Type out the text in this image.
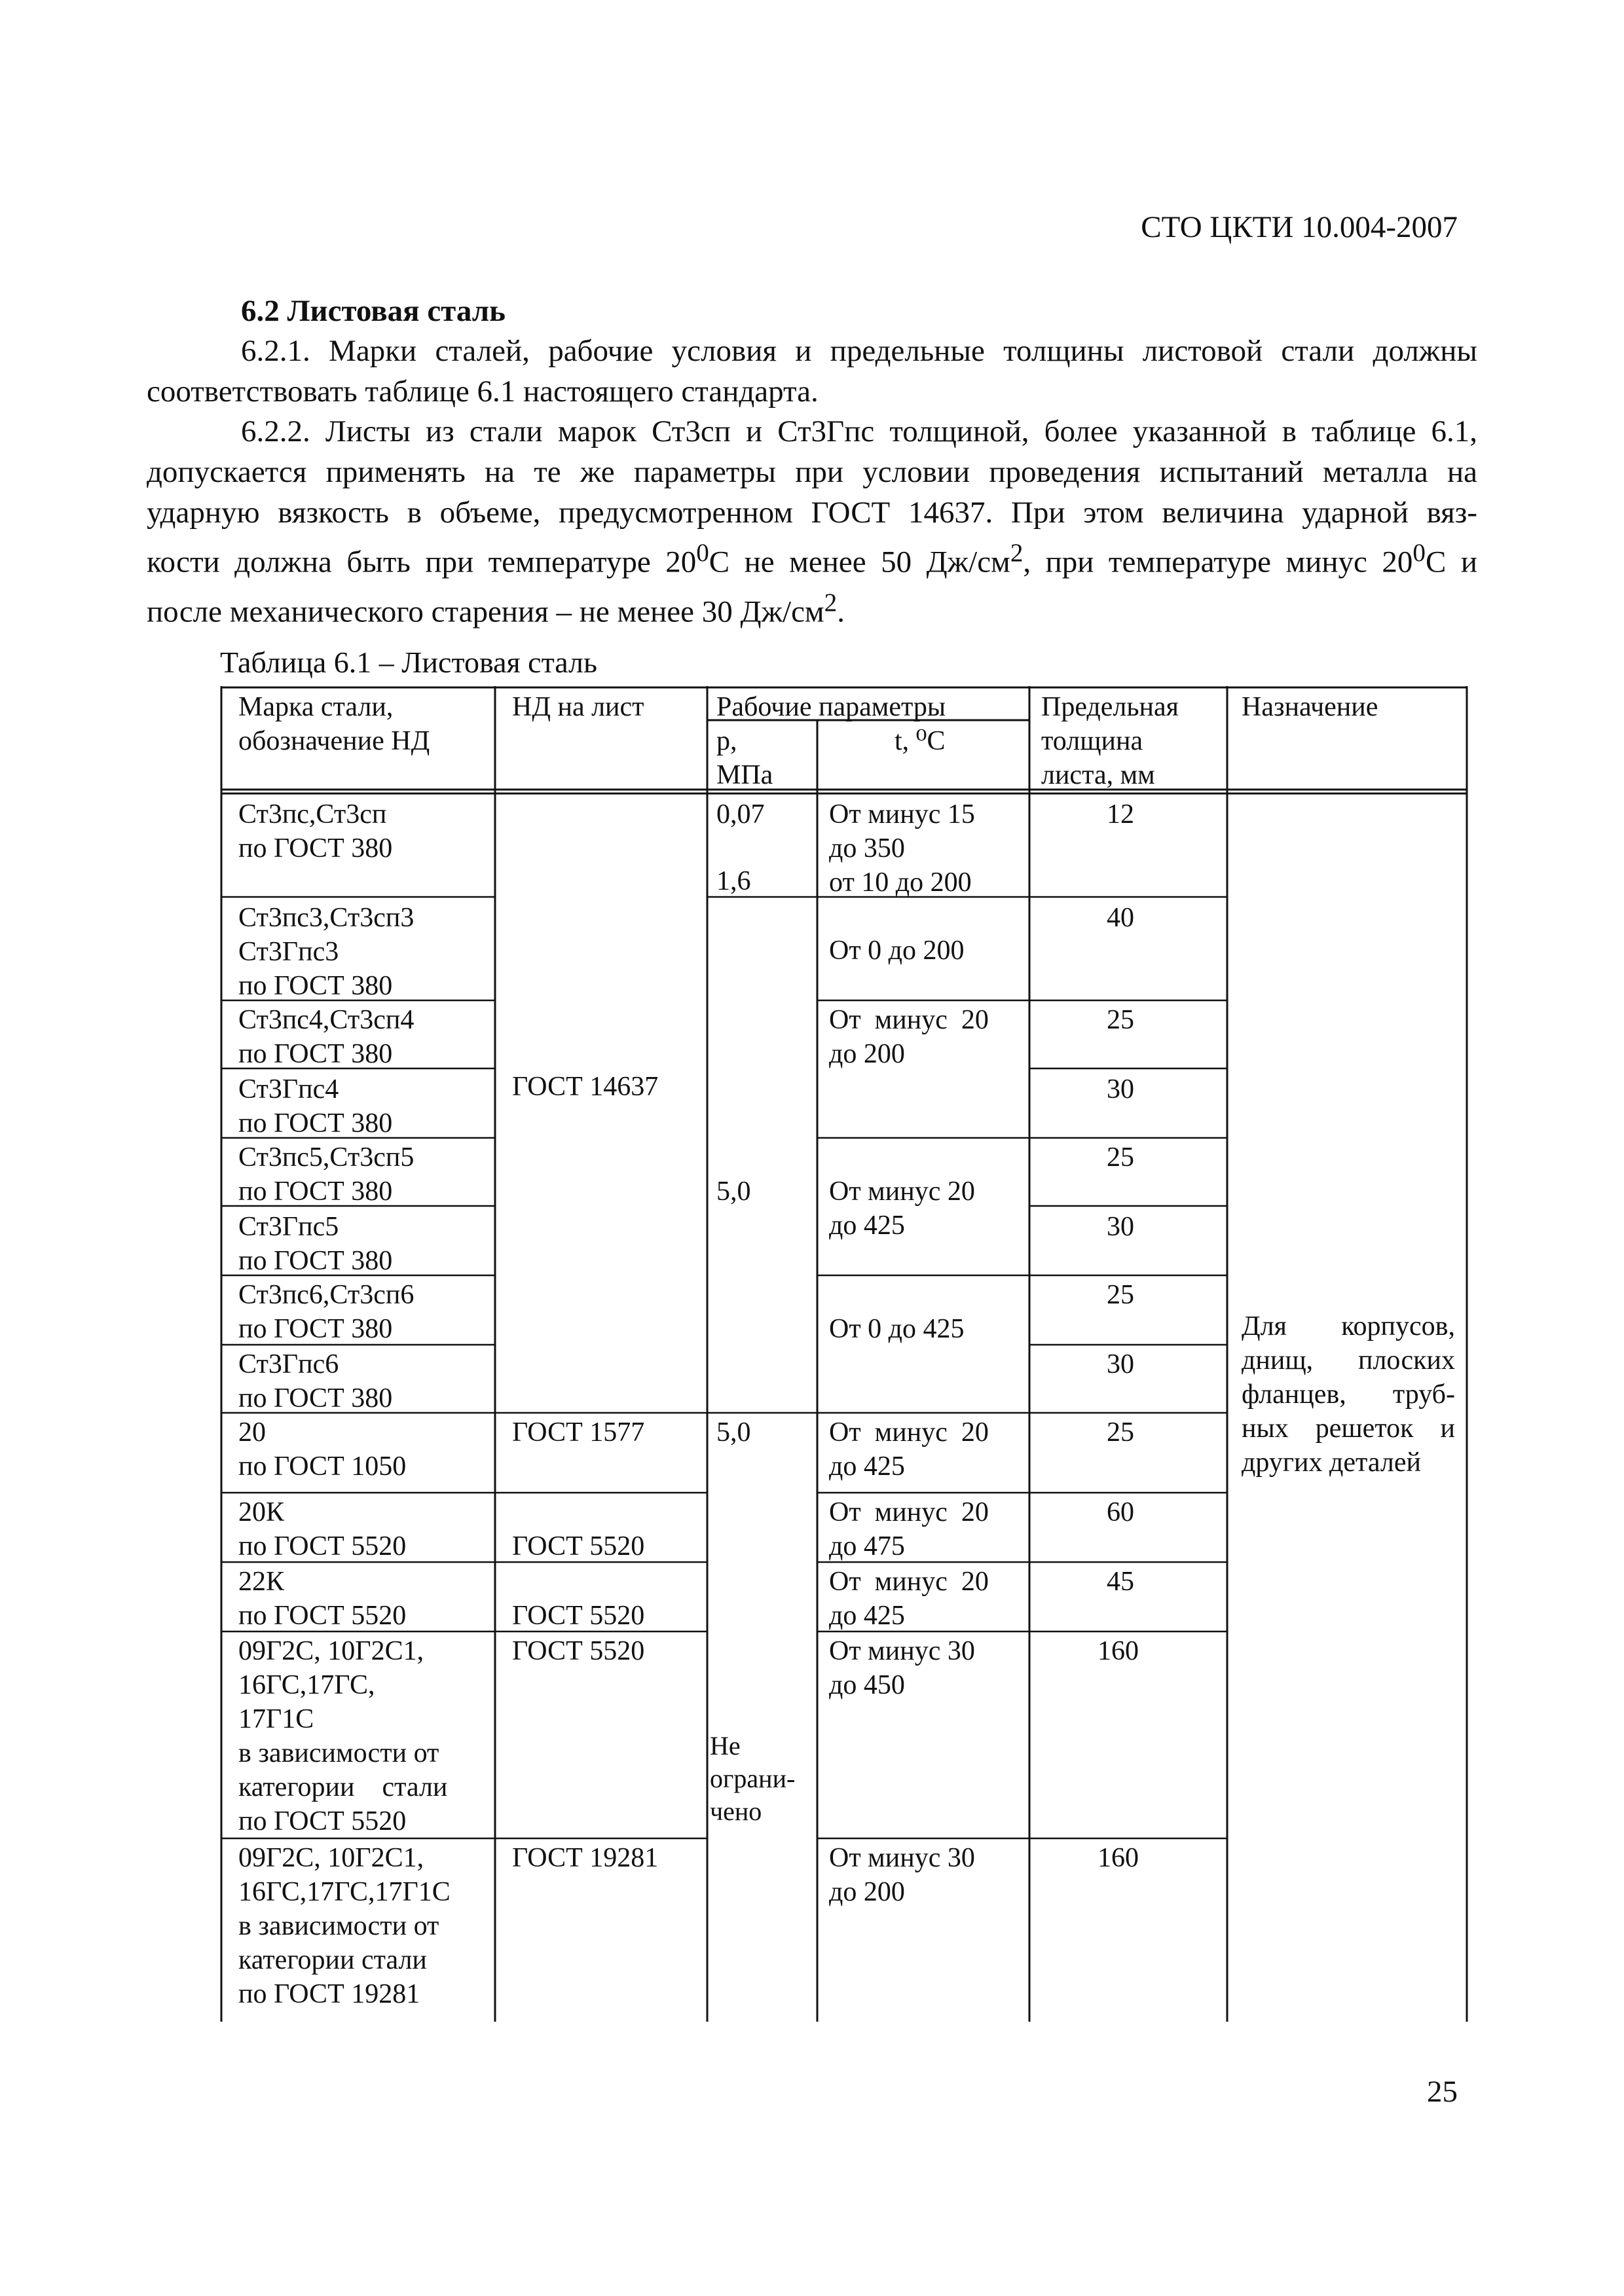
СТО ЦКТИ 10.004-2007
6.2 Листовая сталь
6.2.1. Марки сталей, рабочие условия и предельные толщины листовой стали должны
соответствовать таблице 6.1 настоящего стандарта.
6.2.2. Листы из стали марок Ст3сп и Ст3Гпс толщиной, более указанной в таблице 6.1,
допускается применять на те же параметры при условии проведения испытаний металла на
ударную вязкость в объеме, предусмотренном ГОСТ 14637. При этом величина ударной вяз-
кости должна быть при температуре $20^0C$ не менее 50 $Дж/см^2$, при температуре минус $20^0C$ и
после механического старения – не менее 30 $Дж/см^2$.
Таблица 6.1 – Листовая сталь
Марка стали,
обозначение НД
НД на лист	Рабочие параметры
p,
МПа
t, ⁰C
Предельная
толщина
листа, мм
Назначение
Ст3пс,Ст3сп
по ГОСТ 380
Ст3пс3,Ст3сп3
Ст3Гпс3
по ГОСТ 380
Ст3пс4,Ст3сп4
по ГОСТ 380
Ст3Гпс4
по ГОСТ 380
Ст3пс5,Ст3сп5
по ГОСТ 380
Ст3Гпс5
по ГОСТ 380
Ст3пс6,Ст3сп6
по ГОСТ 380
Ст3Гпс6
по ГОСТ 380
20
по ГОСТ 1050
20К
по ГОСТ 5520
22К
по ГОСТ 5520
09Г2С, 10Г2С1,
16ГС,17ГС,
17Г1С
в зависимости от
категории    стали
по ГОСТ 5520
09Г2С, 10Г2С1,
16ГС,17ГС,17Г1С
в зависимости от
категории стали
по ГОСТ 19281
ГОСТ 14637
ГОСТ 1577
ГОСТ 5520
ГОСТ 5520
ГОСТ 5520
ГОСТ 19281
0,07
1,6
5,0
5,0
Не
ограни-
чено
От минус 15
до 350
от 10 до 200
От 0 до 200
От  минус  20
до 200
От минус 20
до 425
От 0 до 425
От  минус  20
до 425
От  минус  20
до 475
От  минус  20
до 425
От минус 30
до 450
От минус 30
до 200
12
40
25
30
25
30
25
30
25
60
45
160
160
Для корпусов, днищ, плоских фланцев, труб-ных решеток и других деталей
25
